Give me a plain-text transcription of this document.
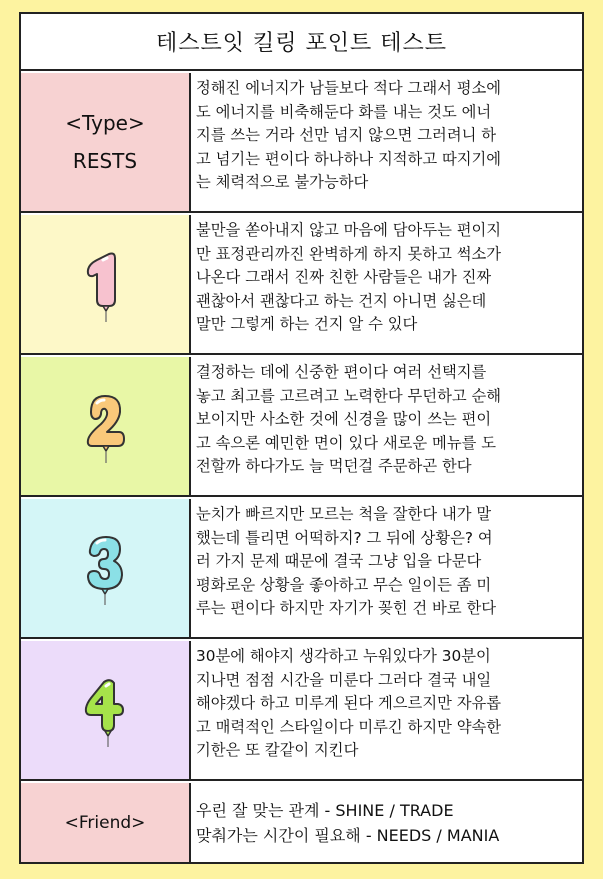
테스트잇 킬링 포인트 테스트
<Type>
RESTS
정해진 에너지가 남들보다 적다 그래서 평소에
도 에너지를 비축해둔다 화를 내는 것도 에너
지를 쓰는 거라 선만 넘지 않으면 그러려니 하
고 넘기는 편이다 하나하나 지적하고 따지기에
는 체력적으로 불가능하다
불만을 쏟아내지 않고 마음에 담아두는 편이지
만 표정관리까진 완벽하게 하지 못하고 썩소가
나온다 그래서 진짜 친한 사람들은 내가 진짜
괜찮아서 괜찮다고 하는 건지 아니면 싫은데
말만 그렇게 하는 건지 알 수 있다
결정하는 데에 신중한 편이다 여러 선택지를
놓고 최고를 고르려고 노력한다 무던하고 순해
보이지만 사소한 것에 신경을 많이 쓰는 편이
고 속으론 예민한 면이 있다 새로운 메뉴를 도
전할까 하다가도 늘 먹던걸 주문하곤 한다
눈치가 빠르지만 모르는 척을 잘한다 내가 말
했는데 틀리면 어떡하지? 그 뒤에 상황은? 여
러 가지 문제 때문에 결국 그냥 입을 다문다
평화로운 상황을 좋아하고 무슨 일이든 좀 미
루는 편이다 하지만 자기가 꽂힌 건 바로 한다
30분에 해야지 생각하고 누워있다가 30분이
지나면 점점 시간을 미룬다 그러다 결국 내일
해야겠다 하고 미루게 된다 게으르지만 자유롭
고 매력적인 스타일이다 미루긴 하지만 약속한
기한은 또 칼같이 지킨다
<Friend>
우린 잘 맞는 관계 - SHINE / TRADE
맞춰가는 시간이 필요해 - NEEDS / MANIA
